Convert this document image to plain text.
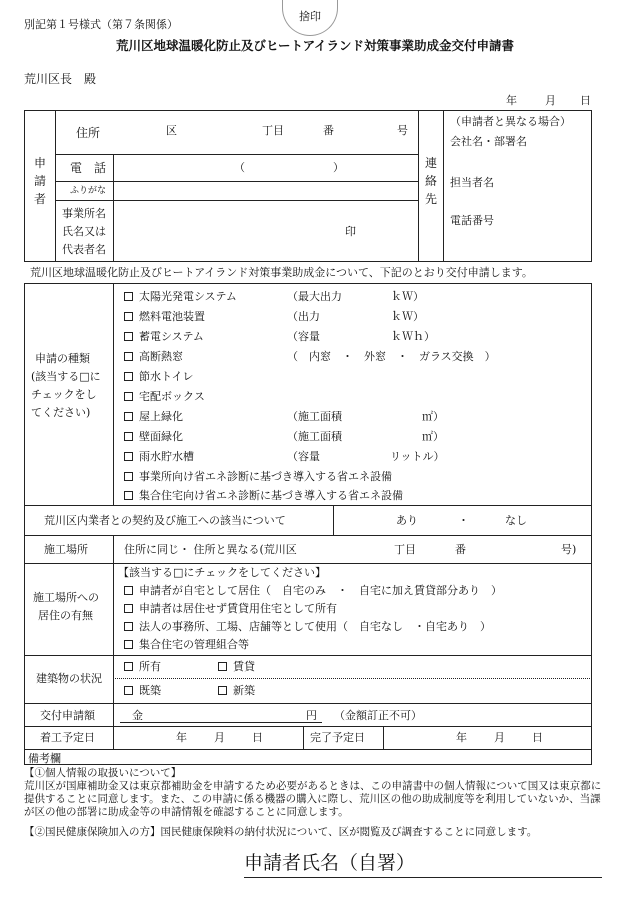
別記第１号様式（第７条関係）
捨印
荒川区地球温暖化防止及びヒートアイランド対策事業助成金交付申請書
荒川区長　殿
年	月 日
申請者
住所	区	丁目	番	号
電　話	（　　　　　　　　）
ふりがな
事業所名
氏名又は
代表者名
印
連絡先
（申請者と異なる場合）
会社名・部署名
担当者名
電話番号
荒川区地球温暖化防止及びヒートアイランド対策事業助成金について、下記のとおり交付申請します。
申請の種類
(該当する□に
チェックをし
てください)
太陽光発電システム	（最大出力	ｋＷ）
燃料電池装置	（出力	ｋＷ）
蓄電システム	（容量	ｋＷｈ）
高断熱窓	（　内窓　・　外窓　・　ガラス交換　）
節水トイレ
宅配ボックス
屋上緑化	（施工面積	㎡）
壁面緑化	（施工面積	㎡）
雨水貯水槽	（容量	リットル）
事業所向け省エネ診断に基づき導入する省エネ設備
集合住宅向け省エネ診断に基づき導入する省エネ設備
荒川区内業者との契約及び施工への該当について	あり	・	なし
施工場所	住所に同じ・ 住所と異なる(荒川区	丁目	番	号)
施工場所への
居住の有無
【該当する□にチェックをしてください】
申請者が自宅として居住（　自宅のみ　・　自宅に加え賃貸部分あり　）
申請者は居住せず賃貸用住宅として所有
法人の事務所、工場、店舗等として使用（　自宅なし　・自宅あり　）
集合住宅の管理組合等
建築物の状況
所有	賃貸
既築	新築
交付申請額	金	円 （金額訂正不可）
着工予定日	年 月 日	完了予定日	年 月 日
備考欄
【①個人情報の取扱いについて】
荒川区が国庫補助金又は東京都補助金を申請するため必要があるときは、この申請書中の個人情報について国又は東京都に提供することに同意します。また、この申請に係る機器の購入に際し、荒川区の他の助成制度等を利用していないか、当課が区の他の部署に助成金等の申請情報を確認することに同意します。
【②国民健康保険加入の方】国民健康保険料の納付状況について、区が閲覧及び調査することに同意します。
申請者氏名（自署）
